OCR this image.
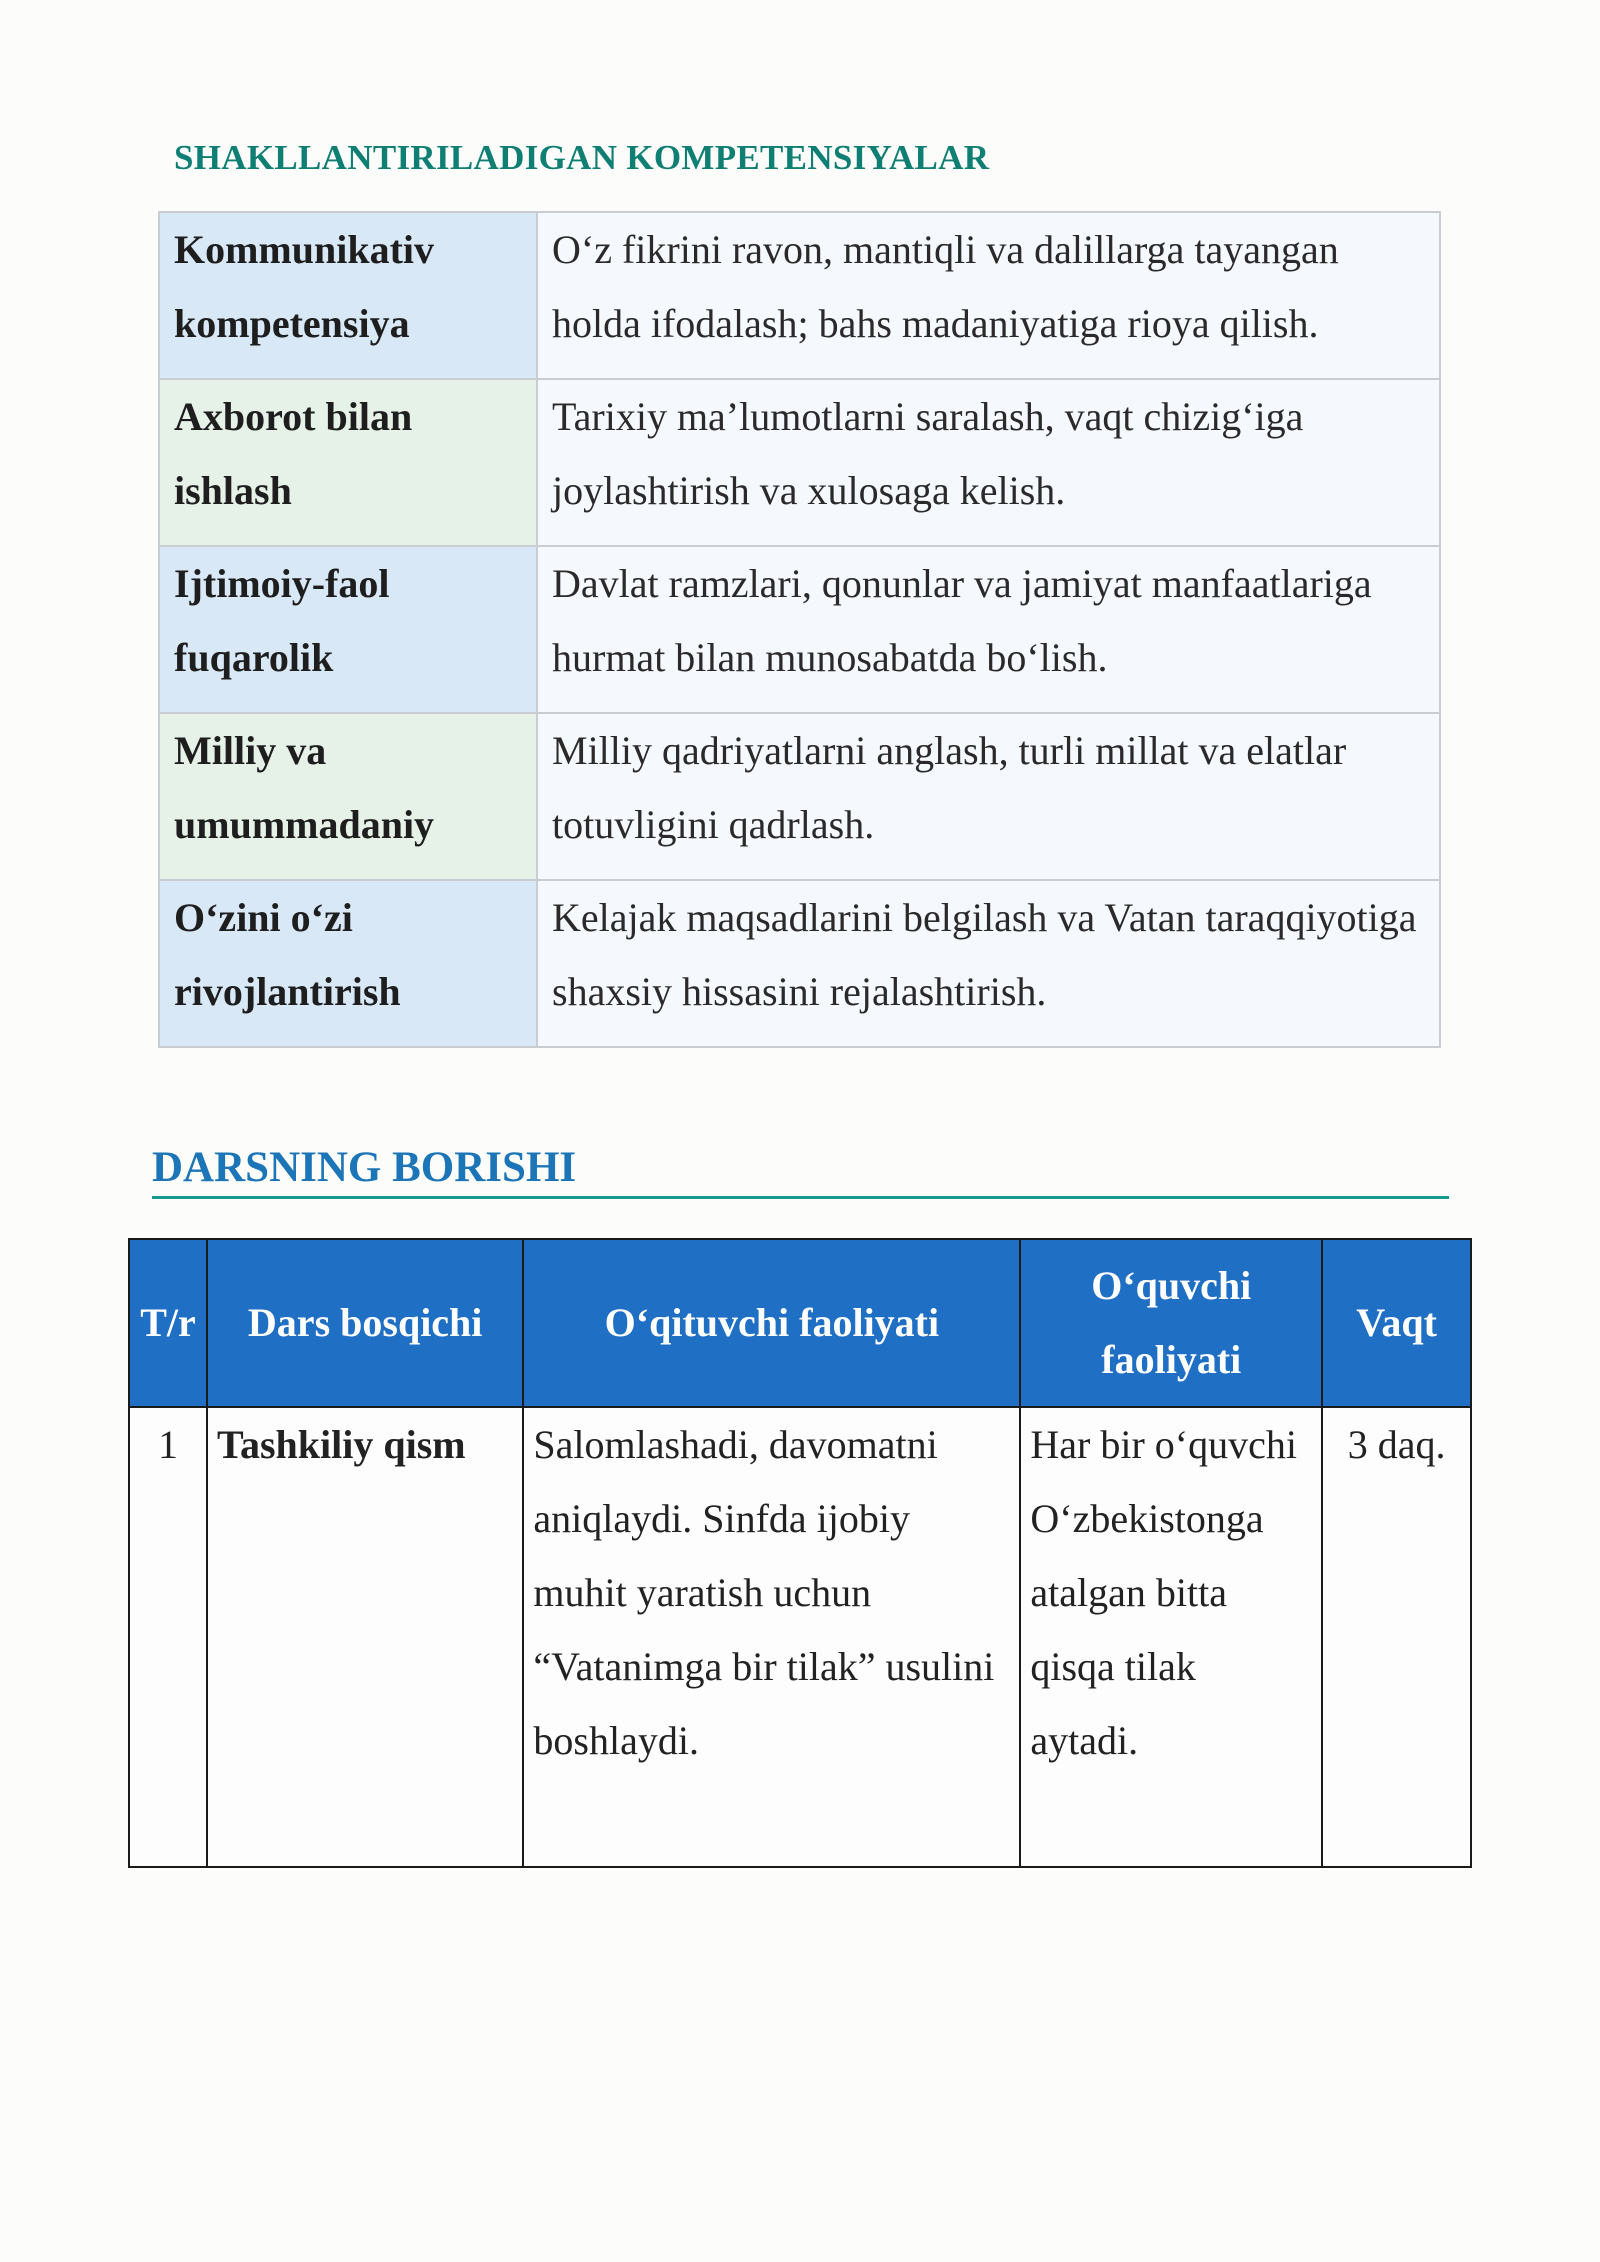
SHAKLLANTIRILADIGAN KOMPETENSIYALAR
Kommunikativ kompetensiya	O‘z fikrini ravon, mantiqli va dalillarga tayangan holda ifodalash; bahs madaniyatiga rioya qilish.
Axborot bilan ishlash	Tarixiy ma’lumotlarni saralash, vaqt chizig‘iga joylashtirish va xulosaga kelish.
Ijtimoiy-faol fuqarolik	Davlat ramzlari, qonunlar va jamiyat manfaatlariga hurmat bilan munosabatda bo‘lish.
Milliy va umummadaniy	Milliy qadriyatlarni anglash, turli millat va elatlar totuvligini qadrlash.
O‘zini o‘zi rivojlantirish	Kelajak maqsadlarini belgilash va Vatan taraqqiyotiga shaxsiy hissasini rejalashtirish.
DARSNING BORISHI
T/r	Dars bosqichi	O‘qituvchi faoliyati	O‘quvchi faoliyati	Vaqt
1	Tashkiliy qism	Salomlashadi, davomatni aniqlaydi. Sinfda ijobiy muhit yaratish uchun “Vatanimga bir tilak” usulini boshlaydi.	Har bir o‘quvchi O‘zbekistonga atalgan bitta qisqa tilak aytadi.	3 daq.
